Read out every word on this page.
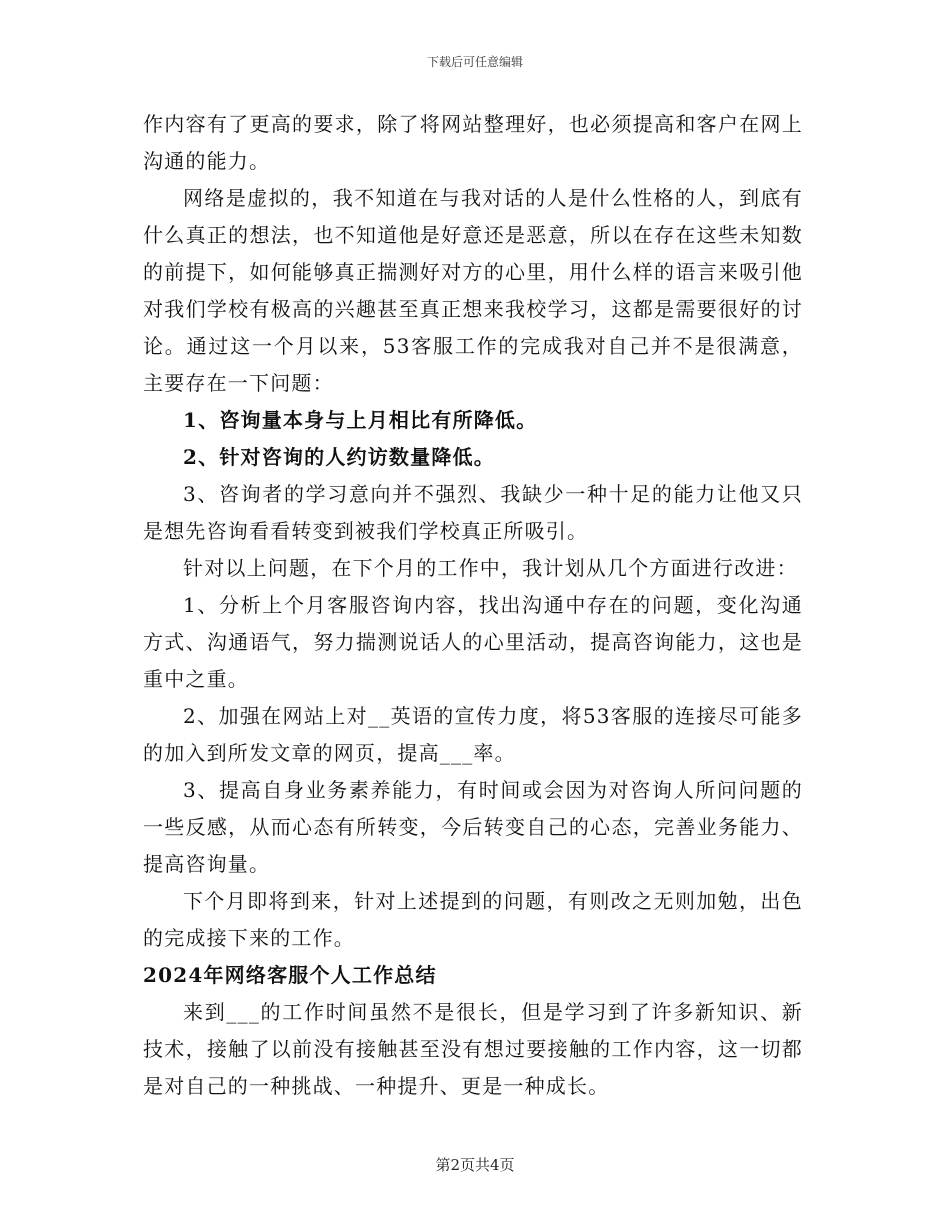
下载后可任意编辑

作内容有了更高的要求，除了将网站整理好，也必须提高和客户在网上沟通的能力。

网络是虚拟的，我不知道在与我对话的人是什么性格的人，到底有什么真正的想法，也不知道他是好意还是恶意，所以在存在这些未知数的前提下，如何能够真正揣测好对方的心里，用什么样的语言来吸引他对我们学校有极高的兴趣甚至真正想来我校学习，这都是需要很好的讨论。通过这一个月以来，53客服工作的完成我对自己并不是很满意，主要存在一下问题：

1、咨询量本身与上月相比有所降低。

2、针对咨询的人约访数量降低。

3、咨询者的学习意向并不强烈、我缺少一种十足的能力让他又只是想先咨询看看转变到被我们学校真正所吸引。

针对以上问题，在下个月的工作中，我计划从几个方面进行改进：

1、分析上个月客服咨询内容，找出沟通中存在的问题，变化沟通方式、沟通语气，努力揣测说话人的心里活动，提高咨询能力，这也是重中之重。

2、加强在网站上对__英语的宣传力度，将53客服的连接尽可能多的加入到所发文章的网页，提高___率。

3、提高自身业务素养能力，有时间或会因为对咨询人所问问题的一些反感，从而心态有所转变，今后转变自己的心态，完善业务能力、提高咨询量。

下个月即将到来，针对上述提到的问题，有则改之无则加勉，出色的完成接下来的工作。

2024年网络客服个人工作总结

来到___的工作时间虽然不是很长，但是学习到了许多新知识、新技术，接触了以前没有接触甚至没有想过要接触的工作内容，这一切都是对自己的一种挑战、一种提升、更是一种成长。

第2页共4页
